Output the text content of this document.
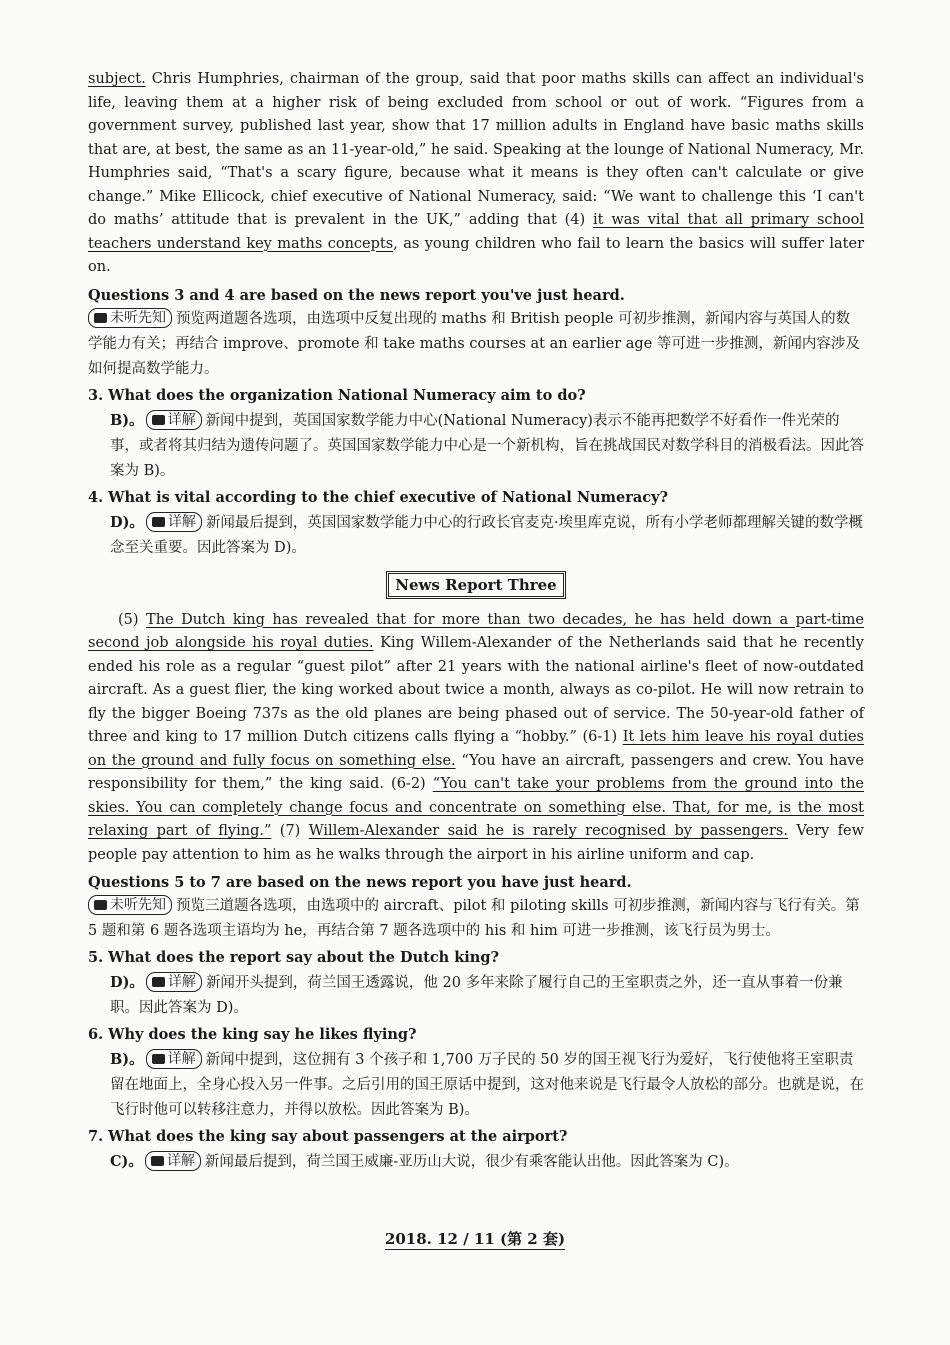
subject. Chris Humphries, chairman of the group, said that poor maths skills can affect an individual's life, leaving them at a higher risk of being excluded from school or out of work. “Figures from a government survey, published last year, show that 17 million adults in England have basic maths skills that are, at best, the same as an 11-year-old,” he said. Speaking at the lounge of National Numeracy, Mr. Humphries said, “That's a scary figure, because what it means is they often can't calculate or give change.” Mike Ellicock, chief executive of National Numeracy, said: “We want to challenge this ‘I can't do maths’ attitude that is prevalent in the UK,” adding that (4) it was vital that all primary school teachers understand key maths concepts, as young children who fail to learn the basics will suffer later on.

Questions 3 and 4 are based on the news report you've just heard.

未听先知 预览两道题各选项，由选项中反复出现的 maths 和 British people 可初步推测，新闻内容与英国人的数学能力有关；再结合 improve、promote 和 take maths courses at an earlier age 等可进一步推测，新闻内容涉及如何提高数学能力。

3. What does the organization National Numeracy aim to do?

B)。 详解 新闻中提到，英国国家数学能力中心(National Numeracy)表示不能再把数学不好看作一件光荣的事，或者将其归结为遗传问题了。英国国家数学能力中心是一个新机构，旨在挑战国民对数学科目的消极看法。因此答案为 B)。

4. What is vital according to the chief executive of National Numeracy?

D)。 详解 新闻最后提到，英国国家数学能力中心的行政长官麦克·埃里库克说，所有小学老师都理解关键的数学概念至关重要。因此答案为 D)。

News Report Three

(5) The Dutch king has revealed that for more than two decades, he has held down a part-time second job alongside his royal duties. King Willem-Alexander of the Netherlands said that he recently ended his role as a regular “guest pilot” after 21 years with the national airline's fleet of now-outdated aircraft. As a guest flier, the king worked about twice a month, always as co-pilot. He will now retrain to fly the bigger Boeing 737s as the old planes are being phased out of service. The 50-year-old father of three and king to 17 million Dutch citizens calls flying a “hobby.” (6-1) It lets him leave his royal duties on the ground and fully focus on something else. “You have an aircraft, passengers and crew. You have responsibility for them,” the king said. (6-2) “You can't take your problems from the ground into the skies. You can completely change focus and concentrate on something else. That, for me, is the most relaxing part of flying.” (7) Willem-Alexander said he is rarely recognised by passengers. Very few people pay attention to him as he walks through the airport in his airline uniform and cap.

Questions 5 to 7 are based on the news report you have just heard.

未听先知 预览三道题各选项，由选项中的 aircraft、pilot 和 piloting skills 可初步推测，新闻内容与飞行有关。第 5 题和第 6 题各选项主语均为 he，再结合第 7 题各选项中的 his 和 him 可进一步推测，该飞行员为男士。

5. What does the report say about the Dutch king?

D)。 详解 新闻开头提到，荷兰国王透露说，他 20 多年来除了履行自己的王室职责之外，还一直从事着一份兼职。因此答案为 D)。

6. Why does the king say he likes flying?

B)。 详解 新闻中提到，这位拥有 3 个孩子和 1,700 万子民的 50 岁的国王视飞行为爱好，飞行使他将王室职责留在地面上，全身心投入另一件事。之后引用的国王原话中提到，这对他来说是飞行最令人放松的部分。也就是说，在飞行时他可以转移注意力，并得以放松。因此答案为 B)。

7. What does the king say about passengers at the airport?

C)。 详解 新闻最后提到，荷兰国王威廉-亚历山大说，很少有乘客能认出他。因此答案为 C)。

2018. 12 / 11 (第 2 套)
